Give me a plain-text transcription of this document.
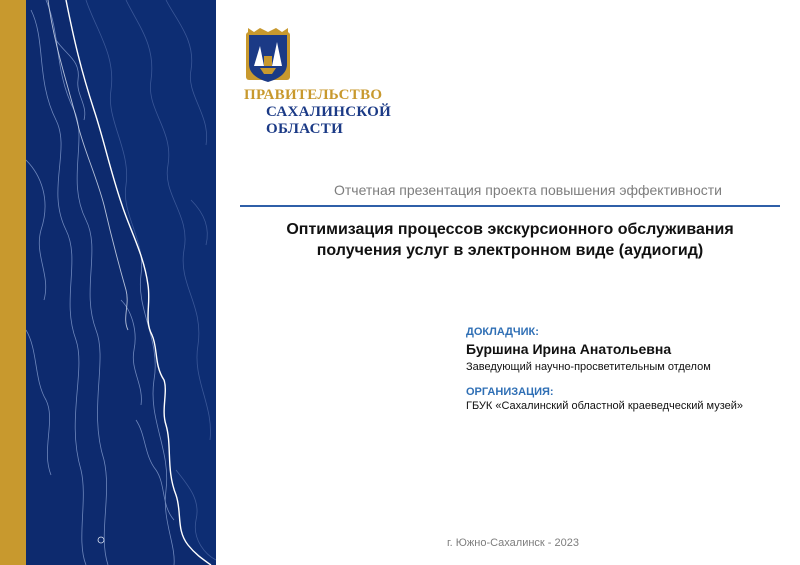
ПРАВИТЕЛЬСТВО
САХАЛИНСКОЙ
ОБЛАСТИ
Отчетная презентация проекта повышения эффективности
Оптимизация процессов экскурсионного обслуживания
получения услуг в электронном виде (аудиогид)
ДОКЛАДЧИК:
Буршина Ирина Анатольевна
Заведующий научно-просветительным отделом
ОРГАНИЗАЦИЯ:
ГБУК «Сахалинский областной краеведческий музей»
г. Южно-Сахалинск - 2023
